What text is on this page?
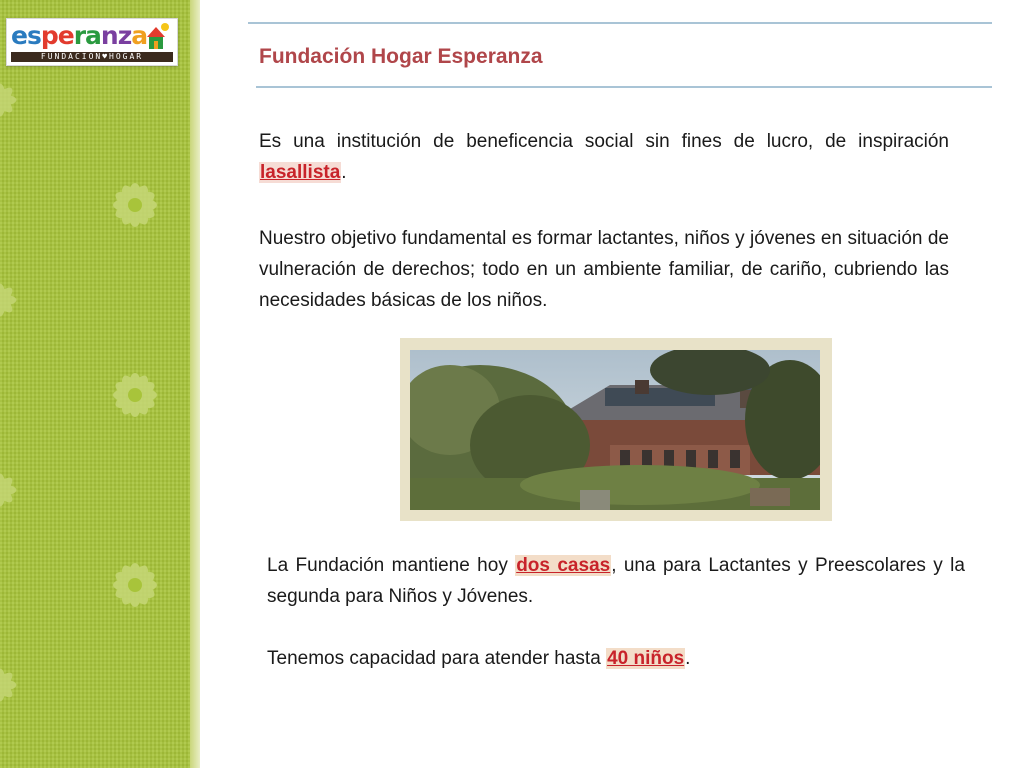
esperanza
FUNDACION♥HOGAR	Fundación Hogar Esperanza

Es una institución de beneficencia social sin fines de lucro, de inspiración lasallista.

Nuestro objetivo fundamental es formar lactantes, niños y jóvenes en situación de vulneración de derechos; todo en un ambiente familiar, de cariño, cubriendo las necesidades básicas de los niños.

La Fundación mantiene hoy dos casas, una para Lactantes y Preescolares y la segunda para Niños y Jóvenes.

Tenemos capacidad para atender hasta 40 niños.
